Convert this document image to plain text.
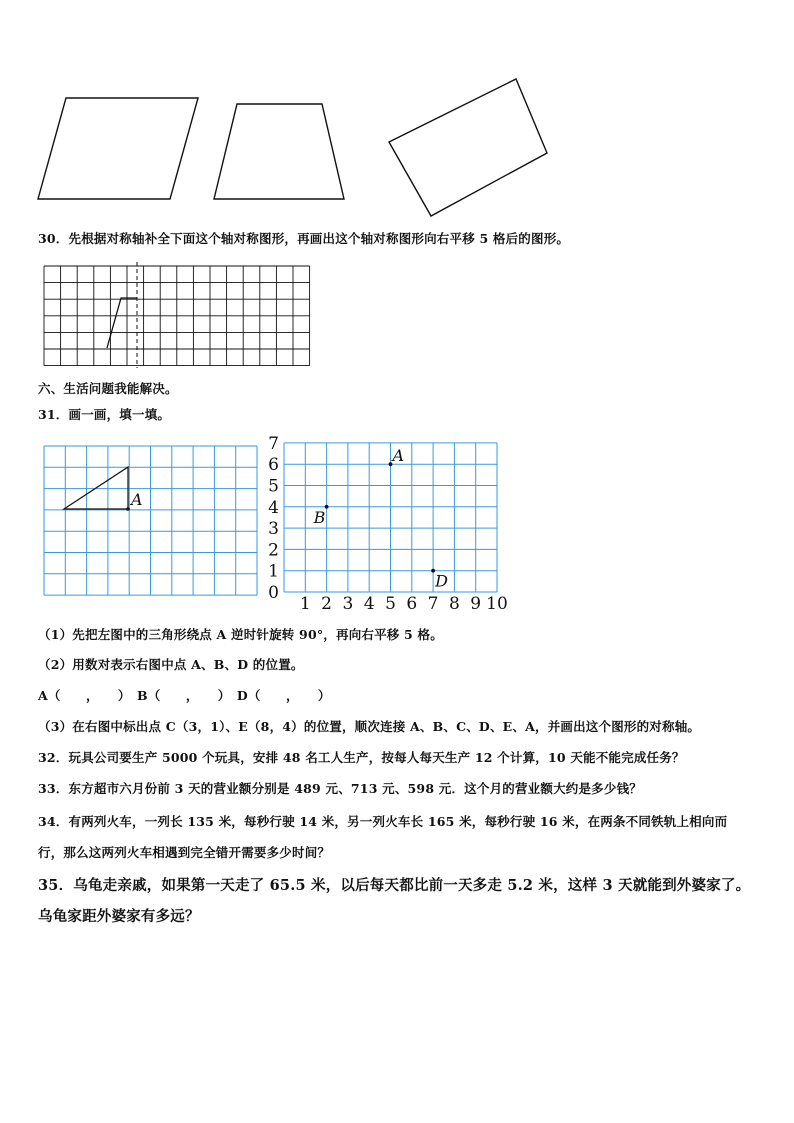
30．先根据对称轴补全下面这个轴对称图形，再画出这个轴对称图形向右平移 5 格后的图形。
六、生活问题我能解决。
31．画一画，填一填。
A
1 2 3 4 5 6 7 8 9 10
0
1
2
3
4
5
6
7
A
B
D
（1）先把左图中的三角形绕点 A 逆时针旋转 90°，再向右平移 5 格。
（2）用数对表示右图中点 A、B、D 的位置。
A（　　，　　）　B（　　，　　）　D（　　，　　）
（3）在右图中标出点 C（3，1）、E（8，4）的位置，顺次连接 A、B、C、D、E、A，并画出这个图形的对称轴。
32．玩具公司要生产 5000 个玩具，安排 48 名工人生产，按每人每天生产 12 个计算，10 天能不能完成任务？
33．东方超市六月份前 3 天的营业额分别是 489 元、713 元、598 元．这个月的营业额大约是多少钱？
34．有两列火车，一列长 135 米，每秒行驶 14 米，另一列火车长 165 米，每秒行驶 16 米，在两条不同铁轨上相向而
行，那么这两列火车相遇到完全错开需要多少时间？
35．乌龟走亲戚，如果第一天走了 65.5 米，以后每天都比前一天多走 5.2 米，这样 3 天就能到外婆家了。
乌龟家距外婆家有多远？
